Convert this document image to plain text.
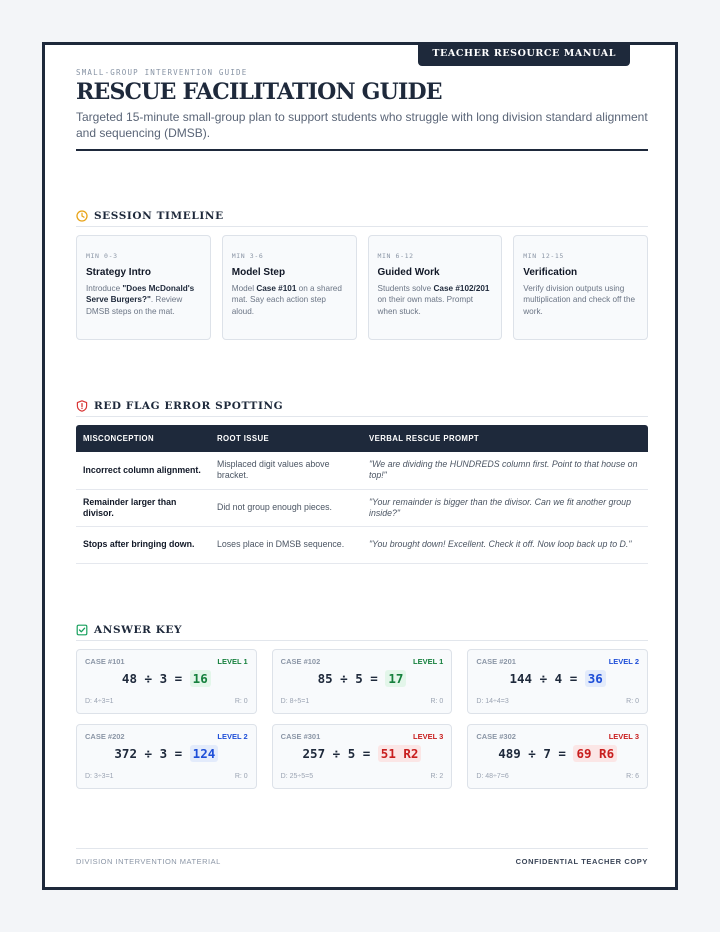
TEACHER RESOURCE MANUAL
SMALL-GROUP INTERVENTION GUIDE
RESCUE FACILITATION GUIDE
Targeted 15-minute small-group plan to support students who struggle with long division standard alignment and sequencing (DMSB).
SESSION TIMELINE
MIN 0-3
Strategy Intro
Introduce "Does McDonald's Serve Burgers?". Review DMSB steps on the mat.
MIN 3-6
Model Step
Model Case #101 on a shared mat. Say each action step aloud.
MIN 6-12
Guided Work
Students solve Case #102/201 on their own mats. Prompt when stuck.
MIN 12-15
Verification
Verify division outputs using multiplication and check off the work.
RED FLAG ERROR SPOTTING
MISCONCEPTION	ROOT ISSUE	VERBAL RESCUE PROMPT
Incorrect column alignment.	Misplaced digit values above bracket.	"We are dividing the HUNDREDS column first. Point to that house on top!"
Remainder larger than divisor.	Did not group enough pieces.	"Your remainder is bigger than the divisor. Can we fit another group inside?"
Stops after bringing down.	Loses place in DMSB sequence.	"You brought down! Excellent. Check it off. Now loop back up to D."
ANSWER KEY
CASE #101	LEVEL 1
48 ÷ 3 = 16
D: 4÷3=1	R: 0
CASE #102	LEVEL 1
85 ÷ 5 = 17
D: 8÷5=1	R: 0
CASE #201	LEVEL 2
144 ÷ 4 = 36
D: 14÷4=3	R: 0
CASE #202	LEVEL 2
372 ÷ 3 = 124
D: 3÷3=1	R: 0
CASE #301	LEVEL 3
257 ÷ 5 = 51 R2
D: 25÷5=5	R: 2
CASE #302	LEVEL 3
489 ÷ 7 = 69 R6
D: 48÷7=6	R: 6
DIVISION INTERVENTION MATERIAL	CONFIDENTIAL TEACHER COPY
